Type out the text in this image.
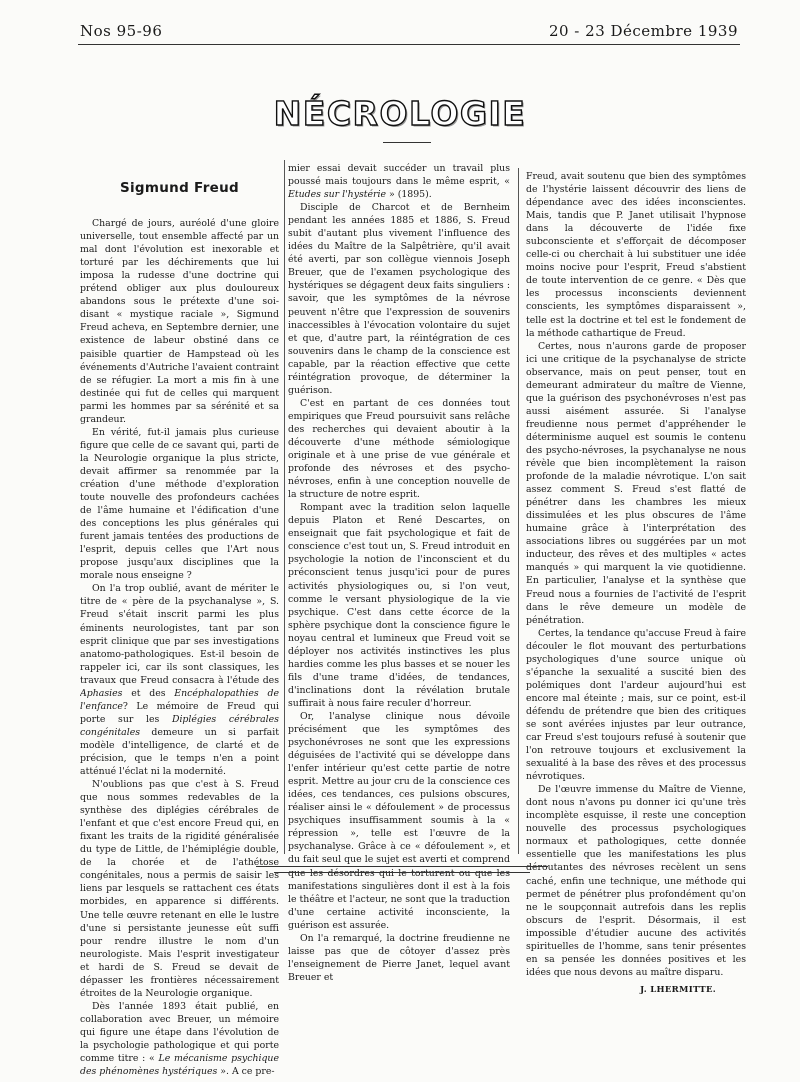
Nos 95-96	20 - 23 Décembre 1939
NÉCROLOGIE
Sigmund Freud

Chargé de jours, auréolé d'une gloire universelle, tout ensemble affecté par un mal dont l'évolution est inexorable et torturé par les déchirements que lui imposa la rudesse d'une doctrine qui prétend obliger aux plus douloureux abandons sous le prétexte d'une soi-disant « mystique raciale », Sigmund Freud acheva, en Septembre dernier, une existence de labeur obstiné dans ce paisible quartier de Hampstead où les événements d'Autriche l'avaient contraint de se réfugier. La mort a mis fin à une destinée qui fut de celles qui marquent parmi les hommes par sa sérénité et sa grandeur.

En vérité, fut-il jamais plus curieuse figure que celle de ce savant qui, parti de la Neurologie organique la plus stricte, devait affirmer sa renommée par la création d'une méthode d'exploration toute nouvelle des profondeurs cachées de l'âme humaine et l'édification d'une des conceptions les plus générales qui furent jamais tentées des productions de l'esprit, depuis celles que l'Art nous propose jusqu'aux disciplines que la morale nous enseigne ?

On l'a trop oublié, avant de mériter le titre de « père de la psychanalyse », S. Freud s'était inscrit parmi les plus éminents neurologistes, tant par son esprit clinique que par ses investigations anatomo-pathologiques. Est-il besoin de rappeler ici, car ils sont classiques, les travaux que Freud consacra à l'étude des Aphasies et des Encéphalopathies de l'enfance? Le mémoire de Freud qui porte sur les Diplégies cérébrales congénitales demeure un si parfait modèle d'intelligence, de clarté et de précision, que le temps n'en a point atténué l'éclat ni la modernité.

N'oublions pas que c'est à S. Freud que nous sommes redevables de la synthèse des diplégies cérébrales de l'enfant et que c'est encore Freud qui, en fixant les traits de la rigidité généralisée du type de Little, de l'hémiplégie double, de la chorée et de l'athétose congénitales, nous a permis de saisir les liens par lesquels se rattachent ces états morbides, en apparence si différents. Une telle œuvre retenant en elle le lustre d'une si persistante jeunesse eût suffi pour rendre illustre le nom d'un neurologiste. Mais l'esprit investigateur et hardi de S. Freud se devait de dépasser les frontières nécessairement étroites de la Neurologie organique.

Dès l'année 1893 était publié, en collaboration avec Breuer, un mémoire qui figure une étape dans l'évolution de la psychologie pathologique et qui porte comme titre : « Le mécanisme psychique des phénomènes hystériques ». A ce pre-

mier essai devait succéder un travail plus poussé mais toujours dans le même esprit, « Etudes sur l'hystérie » (1895).

Disciple de Charcot et de Bernheim pendant les années 1885 et 1886, S. Freud subit d'autant plus vivement l'influence des idées du Maître de la Salpêtrière, qu'il avait été averti, par son collègue viennois Joseph Breuer, que de l'examen psychologique des hystériques se dégagent deux faits singuliers : savoir, que les symptômes de la névrose peuvent n'être que l'expression de souvenirs inaccessibles à l'évocation volontaire du sujet et que, d'autre part, la réintégration de ces souvenirs dans le champ de la conscience est capable, par la réaction effective que cette réintégration provoque, de déterminer la guérison.

C'est en partant de ces données tout empiriques que Freud poursuivit sans relâche des recherches qui devaient aboutir à la découverte d'une méthode sémiologique originale et à une prise de vue générale et profonde des névroses et des psycho-névroses, enfin à une conception nouvelle de la structure de notre esprit.

Rompant avec la tradition selon laquelle depuis Platon et René Descartes, on enseignait que fait psychologique et fait de conscience c'est tout un, S. Freud introduit en psychologie la notion de l'inconscient et du préconscient tenus jusqu'ici pour de pures activités physiologiques ou, si l'on veut, comme le versant physiologique de la vie psychique. C'est dans cette écorce de la sphère psychique dont la conscience figure le noyau central et lumineux que Freud voit se déployer nos activités instinctives les plus hardies comme les plus basses et se nouer les fils d'une trame d'idées, de tendances, d'inclinations dont la révélation brutale suffirait à nous faire reculer d'horreur.

Or, l'analyse clinique nous dévoile précisément que les symptômes des psychonévroses ne sont que les expressions déguisées de l'activité qui se développe dans l'enfer intérieur qu'est cette partie de notre esprit. Mettre au jour cru de la conscience ces idées, ces tendances, ces pulsions obscures, réaliser ainsi le « défoulement » de processus psychiques insuffisamment soumis à la « répression », telle est l'œuvre de la psychanalyse. Grâce à ce « défoulement », et du fait seul que le sujet est averti et comprend que les désordres qui le torturent ou que les manifestations singulières dont il est à la fois le théâtre et l'acteur, ne sont que la traduction d'une certaine activité inconsciente, la guérison est assurée.

On l'a remarqué, la doctrine freudienne ne laisse pas que de côtoyer d'assez près l'enseignement de Pierre Janet, lequel avant Breuer et

Freud, avait soutenu que bien des symptômes de l'hystérie laissent découvrir des liens de dépendance avec des idées inconscientes. Mais, tandis que P. Janet utilisait l'hypnose dans la découverte de l'idée fixe subconsciente et s'efforçait de décomposer celle-ci ou cherchait à lui substituer une idée moins nocive pour l'esprit, Freud s'abstient de toute intervention de ce genre. « Dès que les processus inconscients deviennent conscients, les symptômes disparaissent », telle est la doctrine et tel est le fondement de la méthode cathartique de Freud.

Certes, nous n'aurons garde de proposer ici une critique de la psychanalyse de stricte observance, mais on peut penser, tout en demeurant admirateur du maître de Vienne, que la guérison des psychonévroses n'est pas aussi aisément assurée. Si l'analyse freudienne nous permet d'appréhender le déterminisme auquel est soumis le contenu des psycho-névroses, la psychanalyse ne nous révèle que bien incomplètement la raison profonde de la maladie névrotique. L'on sait assez comment S. Freud s'est flatté de pénétrer dans les chambres les mieux dissimulées et les plus obscures de l'âme humaine grâce à l'interprétation des associations libres ou suggérées par un mot inducteur, des rêves et des multiples « actes manqués » qui marquent la vie quotidienne. En particulier, l'analyse et la synthèse que Freud nous a fournies de l'activité de l'esprit dans le rêve demeure un modèle de pénétration.

Certes, la tendance qu'accuse Freud à faire découler le flot mouvant des perturbations psychologiques d'une source unique où s'épanche la sexualité a suscité bien des polémiques dont l'ardeur aujourd'hui est encore mal éteinte ; mais, sur ce point, est-il défendu de prétendre que bien des critiques se sont avérées injustes par leur outrance, car Freud s'est toujours refusé à soutenir que l'on retrouve toujours et exclusivement la sexualité à la base des rêves et des processus névrotiques.

De l'œuvre immense du Maître de Vienne, dont nous n'avons pu donner ici qu'une très incomplète esquisse, il reste une conception nouvelle des processus psychologiques normaux et pathologiques, cette donnée essentielle que les manifestations les plus déroutantes des névroses recèlent un sens caché, enfin une technique, une méthode qui permet de pénétrer plus profondément qu'on ne le soupçonnait autrefois dans les replis obscurs de l'esprit. Désormais, il est impossible d'étudier aucune des activités spirituelles de l'homme, sans tenir présentes en sa pensée les données positives et les idées que nous devons au maître disparu.

J. LHERMITTE.
